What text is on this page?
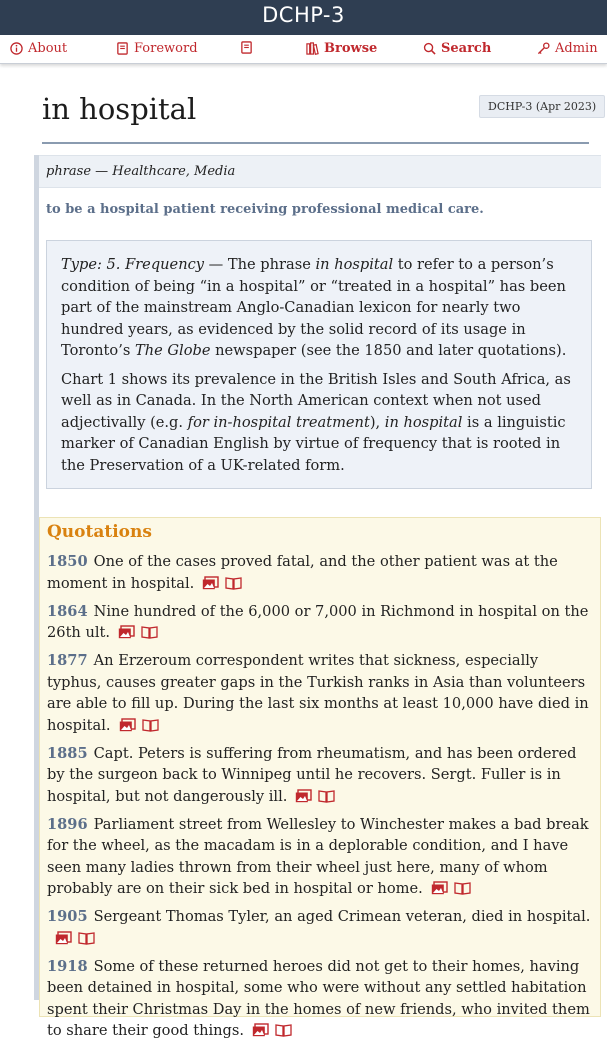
DCHP-3
About	Foreword	Browse	Search	Admin
in hospital	DCHP-3 (Apr 2023)
phrase — Healthcare, Media
to be a hospital patient receiving professional medical care.

Type: 5. Frequency — The phrase in hospital to refer to a person’s condition of being “in a hospital” or “treated in a hospital” has been part of the mainstream Anglo-Canadian lexicon for nearly two hundred years, as evidenced by the solid record of its usage in Toronto’s The Globe newspaper (see the 1850 and later quotations).

Chart 1 shows its prevalence in the British Isles and South Africa, as well as in Canada. In the North American context when not used adjectivally (e.g. for in-hospital treatment), in hospital is a linguistic marker of Canadian English by virtue of frequency that is rooted in the Preservation of a UK-related form.

Quotations
1850 One of the cases proved fatal, and the other patient was at the moment in hospital.
1864 Nine hundred of the 6,000 or 7,000 in Richmond in hospital on the 26th ult.
1877 An Erzeroum correspondent writes that sickness, especially typhus, causes greater gaps in the Turkish ranks in Asia than volunteers are able to fill up. During the last six months at least 10,000 have died in hospital.
1885 Capt. Peters is suffering from rheumatism, and has been ordered by the surgeon back to Winnipeg until he recovers. Sergt. Fuller is in hospital, but not dangerously ill.
1896 Parliament street from Wellesley to Winchester makes a bad break for the wheel, as the macadam is in a deplorable condition, and I have seen many ladies thrown from their wheel just here, many of whom probably are on their sick bed in hospital or home.
1905 Sergeant Thomas Tyler, an aged Crimean veteran, died in hospital.
1918 Some of these returned heroes did not get to their homes, having been detained in hospital, some who were without any settled habitation spent their Christmas Day in the homes of new friends, who invited them to share their good things.
